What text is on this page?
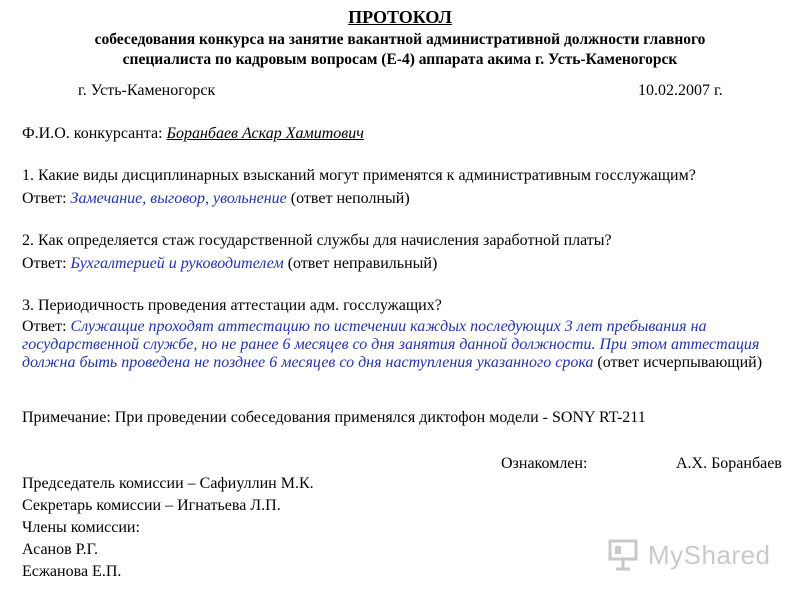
ПРОТОКОЛ
собеседования конкурса на занятие вакантной административной должности главного
специалиста по кадровым вопросам (Е-4) аппарата акима г. Усть-Каменогорск
г. Усть-Каменогорск	10.02.2007 г.
Ф.И.О. конкурсанта: Боранбаев Аскар Хамитович
1. Какие виды дисциплинарных взысканий могут применятся к административным госслужащим?
Ответ: Замечание, выговор, увольнение (ответ неполный)
2. Как определяется стаж государственной службы для начисления заработной платы?
Ответ: Бухгалтерией и руководителем (ответ неправильный)
3. Периодичность проведения аттестации адм. госслужащих?
Ответ: Служащие проходят аттестацию по истечении каждых последующих 3 лет пребывания на государственной службе, но не ранее 6 месяцев со дня занятия данной должности. При этом аттестация должна быть проведена не позднее 6 месяцев со дня наступления указанного срока (ответ исчерпывающий)
Примечание: При проведении собеседования применялся диктофон модели - SONY RT-211
Ознакомлен:	А.Х. Боранбаев
Председатель комиссии – Сафиуллин М.К.
Секретарь комиссии – Игнатьева Л.П.
Члены комиссии:
Асанов Р.Г.
Есжанова Е.П.
MyShared
